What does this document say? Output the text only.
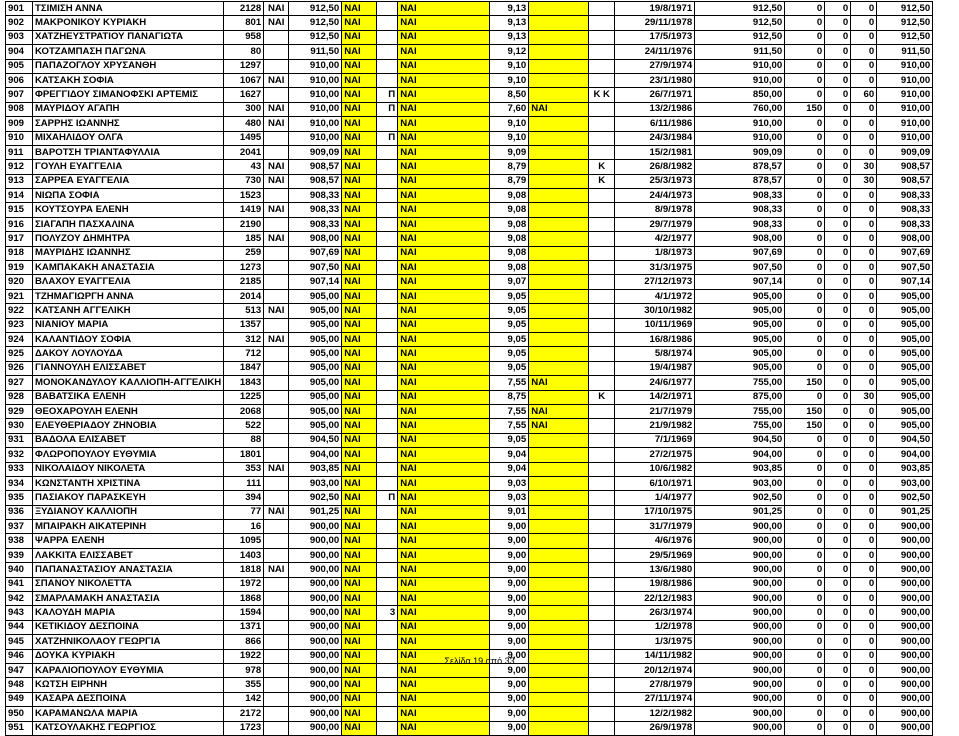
901	ΤΣΙΜΙΣΗ ΑΝΝΑ	2128	ΝΑΙ	912,50	ΝΑΙ		ΝΑΙ	9,13			19/8/1971	912,50	0	0	0	912,50
902	ΜΑΚΡΟΝΙΚΟΥ ΚΥΡΙΑΚΗ	801	ΝΑΙ	912,50	ΝΑΙ		ΝΑΙ	9,13			29/11/1978	912,50	0	0	0	912,50
903	ΧΑΤΖΗΕΥΣΤΡΑΤΙΟΥ ΠΑΝΑΓΙΩΤΑ	958		912,50	ΝΑΙ		ΝΑΙ	9,13			17/5/1973	912,50	0	0	0	912,50
904	ΚΟΤΖΑΜΠΑΣΗ ΠΑΓΩΝΑ	80		911,50	ΝΑΙ		ΝΑΙ	9,12			24/11/1976	911,50	0	0	0	911,50
905	ΠΑΠΑΖΟΓΛΟΥ ΧΡΥΣΑΝΘΗ	1297		910,00	ΝΑΙ		ΝΑΙ	9,10			27/9/1974	910,00	0	0	0	910,00
906	ΚΑΤΣΑΚΗ ΣΟΦΙΑ	1067	ΝΑΙ	910,00	ΝΑΙ		ΝΑΙ	9,10			23/1/1980	910,00	0	0	0	910,00
907	ΦΡΕΓΓΙΔΟΥ ΣΙΜΑΝΟΦΣΚΙ ΑΡΤΕΜΙΣ	1627		910,00	ΝΑΙ	Π	ΝΑΙ	8,50		Κ Κ	26/7/1971	850,00	0	0	60	910,00
908	ΜΑΥΡΙΔΟΥ ΑΓΑΠΗ	300	ΝΑΙ	910,00	ΝΑΙ	Π	ΝΑΙ	7,60	ΝΑΙ		13/2/1986	760,00	150	0	0	910,00
909	ΣΑΡΡΗΣ ΙΩΑΝΝΗΣ	480	ΝΑΙ	910,00	ΝΑΙ		ΝΑΙ	9,10			6/11/1986	910,00	0	0	0	910,00
910	ΜΙΧΑΗΛΙΔΟΥ ΟΛΓΑ	1495		910,00	ΝΑΙ	Π	ΝΑΙ	9,10			24/3/1984	910,00	0	0	0	910,00
911	ΒΑΡΟΤΣΗ ΤΡΙΑΝΤΑΦΥΛΛΙΑ	2041		909,09	ΝΑΙ		ΝΑΙ	9,09			15/2/1981	909,09	0	0	0	909,09
912	ΓΟΥΛΗ ΕΥΑΓΓΕΛΙΑ	43	ΝΑΙ	908,57	ΝΑΙ		ΝΑΙ	8,79		Κ	26/8/1982	878,57	0	0	30	908,57
913	ΣΑΡΡΕΑ ΕΥΑΓΓΕΛΙΑ	730	ΝΑΙ	908,57	ΝΑΙ		ΝΑΙ	8,79		Κ	25/3/1973	878,57	0	0	30	908,57
914	ΝΙΩΠΑ ΣΟΦΙΑ	1523		908,33	ΝΑΙ		ΝΑΙ	9,08			24/4/1973	908,33	0	0	0	908,33
915	ΚΟΥΤΣΟΥΡΑ ΕΛΕΝΗ	1419	ΝΑΙ	908,33	ΝΑΙ		ΝΑΙ	9,08			8/9/1978	908,33	0	0	0	908,33
916	ΣΙΑΓΑΠΗ ΠΑΣΧΑΛΙΝΑ	2190		908,33	ΝΑΙ		ΝΑΙ	9,08			29/7/1979	908,33	0	0	0	908,33
917	ΠΟΛΥΖΟΥ ΔΗΜΗΤΡΑ	185	ΝΑΙ	908,00	ΝΑΙ		ΝΑΙ	9,08			4/2/1977	908,00	0	0	0	908,00
918	ΜΑΥΡΙΔΗΣ ΙΩΑΝΝΗΣ	259		907,69	ΝΑΙ		ΝΑΙ	9,08			1/8/1973	907,69	0	0	0	907,69
919	ΚΑΜΠΑΚΑΚΗ ΑΝΑΣΤΑΣΙΑ	1273		907,50	ΝΑΙ		ΝΑΙ	9,08			31/3/1975	907,50	0	0	0	907,50
920	ΒΛΑΧΟΥ ΕΥΑΓΓΕΛΙΑ	2185		907,14	ΝΑΙ		ΝΑΙ	9,07			27/12/1973	907,14	0	0	0	907,14
921	ΤΖΗΜΑΓΙΩΡΓΗ ΑΝΝΑ	2014		905,00	ΝΑΙ		ΝΑΙ	9,05			4/1/1972	905,00	0	0	0	905,00
922	ΚΑΤΣΑΝΗ ΑΓΓΕΛΙΚΗ	513	ΝΑΙ	905,00	ΝΑΙ		ΝΑΙ	9,05			30/10/1982	905,00	0	0	0	905,00
923	ΝΙΑΝΙΟΥ ΜΑΡΙΑ	1357		905,00	ΝΑΙ		ΝΑΙ	9,05			10/11/1969	905,00	0	0	0	905,00
924	ΚΑΛΑΝΤΙΔΟΥ ΣΟΦΙΑ	312	ΝΑΙ	905,00	ΝΑΙ		ΝΑΙ	9,05			16/8/1986	905,00	0	0	0	905,00
925	ΔΑΚΟΥ ΛΟΥΛΟΥΔΑ	712		905,00	ΝΑΙ		ΝΑΙ	9,05			5/8/1974	905,00	0	0	0	905,00
926	ΓΙΑΝΝΟΥΛΗ ΕΛΙΣΣΑΒΕΤ	1847		905,00	ΝΑΙ		ΝΑΙ	9,05			19/4/1987	905,00	0	0	0	905,00
927	ΜΟΝΟΚΑΝΔΥΛΟΥ ΚΑΛΛΙΟΠΗ-ΑΓΓΕΛΙΚΗ	1843		905,00	ΝΑΙ		ΝΑΙ	7,55	ΝΑΙ		24/6/1977	755,00	150	0	0	905,00
928	ΒΑΒΑΤΣΙΚΑ ΕΛΕΝΗ	1225		905,00	ΝΑΙ		ΝΑΙ	8,75		Κ	14/2/1971	875,00	0	0	30	905,00
929	ΘΕΟΧΑΡΟΥΛΗ ΕΛΕΝΗ	2068		905,00	ΝΑΙ		ΝΑΙ	7,55	ΝΑΙ		21/7/1979	755,00	150	0	0	905,00
930	ΕΛΕΥΘΕΡΙΑΔΟΥ ΖΗΝΟΒΙΑ	522		905,00	ΝΑΙ		ΝΑΙ	7,55	ΝΑΙ		21/9/1982	755,00	150	0	0	905,00
931	ΒΑΔΟΛΑ ΕΛΙΣΑΒΕΤ	88		904,50	ΝΑΙ		ΝΑΙ	9,05			7/1/1969	904,50	0	0	0	904,50
932	ΦΛΩΡΟΠΟΥΛΟΥ ΕΥΘΥΜΙΑ	1801		904,00	ΝΑΙ		ΝΑΙ	9,04			27/2/1975	904,00	0	0	0	904,00
933	ΝΙΚΟΛΑΙΔΟΥ ΝΙΚΟΛΕΤΑ	353	ΝΑΙ	903,85	ΝΑΙ		ΝΑΙ	9,04			10/6/1982	903,85	0	0	0	903,85
934	ΚΩΝΣΤΑΝΤΗ ΧΡΙΣΤΙΝΑ	111		903,00	ΝΑΙ		ΝΑΙ	9,03			6/10/1971	903,00	0	0	0	903,00
935	ΠΑΣΙΑΚΟΥ ΠΑΡΑΣΚΕΥΗ	394		902,50	ΝΑΙ	Π	ΝΑΙ	9,03			1/4/1977	902,50	0	0	0	902,50
936	ΞΥΔΙΑΝΟΥ ΚΑΛΛΙΟΠΗ	77	ΝΑΙ	901,25	ΝΑΙ		ΝΑΙ	9,01			17/10/1975	901,25	0	0	0	901,25
937	ΜΠΑΙΡΑΚΗ ΑΙΚΑΤΕΡΙΝΗ	16		900,00	ΝΑΙ		ΝΑΙ	9,00			31/7/1979	900,00	0	0	0	900,00
938	ΨΑΡΡΑ ΕΛΕΝΗ	1095		900,00	ΝΑΙ		ΝΑΙ	9,00			4/6/1976	900,00	0	0	0	900,00
939	ΛΑΚΚΙΤΑ ΕΛΙΣΣΑΒΕΤ	1403		900,00	ΝΑΙ		ΝΑΙ	9,00			29/5/1969	900,00	0	0	0	900,00
940	ΠΑΠΑΝΑΣΤΑΣΙΟΥ ΑΝΑΣΤΑΣΙΑ	1818	ΝΑΙ	900,00	ΝΑΙ		ΝΑΙ	9,00			13/6/1980	900,00	0	0	0	900,00
941	ΣΠΑΝΟΥ ΝΙΚΟΛΕΤΤΑ	1972		900,00	ΝΑΙ		ΝΑΙ	9,00			19/8/1986	900,00	0	0	0	900,00
942	ΣΜΑΡΛΑΜΑΚΗ ΑΝΑΣΤΑΣΙΑ	1868		900,00	ΝΑΙ		ΝΑΙ	9,00			22/12/1983	900,00	0	0	0	900,00
943	ΚΑΛΟΥΔΗ ΜΑΡΙΑ	1594		900,00	ΝΑΙ	3	ΝΑΙ	9,00			26/3/1974	900,00	0	0	0	900,00
944	ΚΕΤΙΚΙΔΟΥ ΔΕΣΠΟΙΝΑ	1371		900,00	ΝΑΙ		ΝΑΙ	9,00			1/2/1978	900,00	0	0	0	900,00
945	ΧΑΤΖΗΝΙΚΟΛΑΟΥ ΓΕΩΡΓΙΑ	866		900,00	ΝΑΙ		ΝΑΙ	9,00			1/3/1975	900,00	0	0	0	900,00
946	ΔΟΥΚΑ ΚΥΡΙΑΚΗ	1922		900,00	ΝΑΙ		ΝΑΙ	9,00			14/11/1982	900,00	0	0	0	900,00
947	ΚΑΡΑΛΙΟΠΟΥΛΟΥ ΕΥΘΥΜΙΑ	978		900,00	ΝΑΙ		ΝΑΙ	9,00			20/12/1974	900,00	0	0	0	900,00
948	ΚΩΤΣΗ ΕΙΡΗΝΗ	355		900,00	ΝΑΙ		ΝΑΙ	9,00			27/8/1979	900,00	0	0	0	900,00
949	ΚΑΣΑΡΑ ΔΕΣΠΟΙΝΑ	142		900,00	ΝΑΙ		ΝΑΙ	9,00			27/11/1974	900,00	0	0	0	900,00
950	ΚΑΡΑΜΑΝΩΛΑ ΜΑΡΙΑ	2172		900,00	ΝΑΙ		ΝΑΙ	9,00			12/2/1982	900,00	0	0	0	900,00
951	ΚΑΤΣΟΥΛΑΚΗΣ ΓΕΩΡΓΙΟΣ	1723		900,00	ΝΑΙ		ΝΑΙ	9,00			26/9/1978	900,00	0	0	0	900,00
Σελίδα 19 από 33
